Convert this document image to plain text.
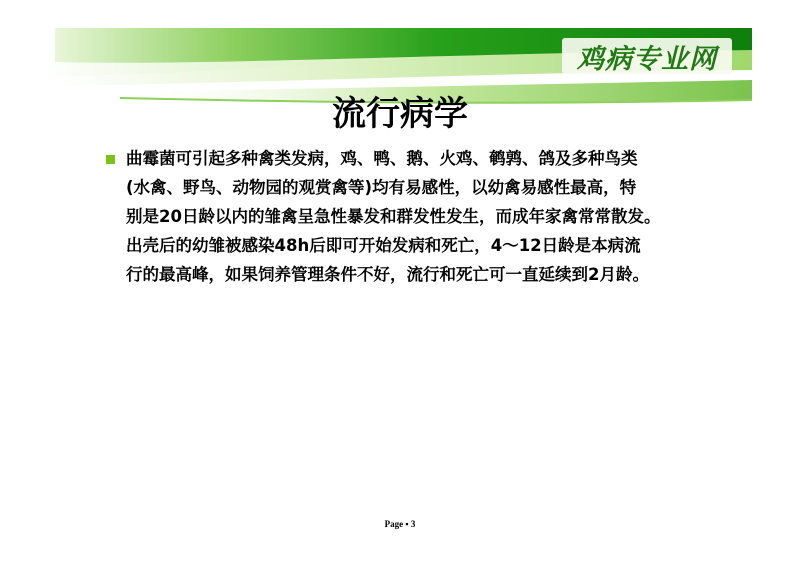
鸡病专业网
流行病学
曲霉菌可引起多种禽类发病，鸡、鸭、鹅、火鸡、鹌鹑、鸽及多种鸟类
(水禽、野鸟、动物园的观赏禽等)均有易感性，以幼禽易感性最高，特
别是20日龄以内的雏禽呈急性暴发和群发性发生，而成年家禽常常散发。
出壳后的幼雏被感染48h后即可开始发病和死亡，4～12日龄是本病流
行的最高峰，如果饲养管理条件不好，流行和死亡可一直延续到2月龄。
Page ▪ 3
